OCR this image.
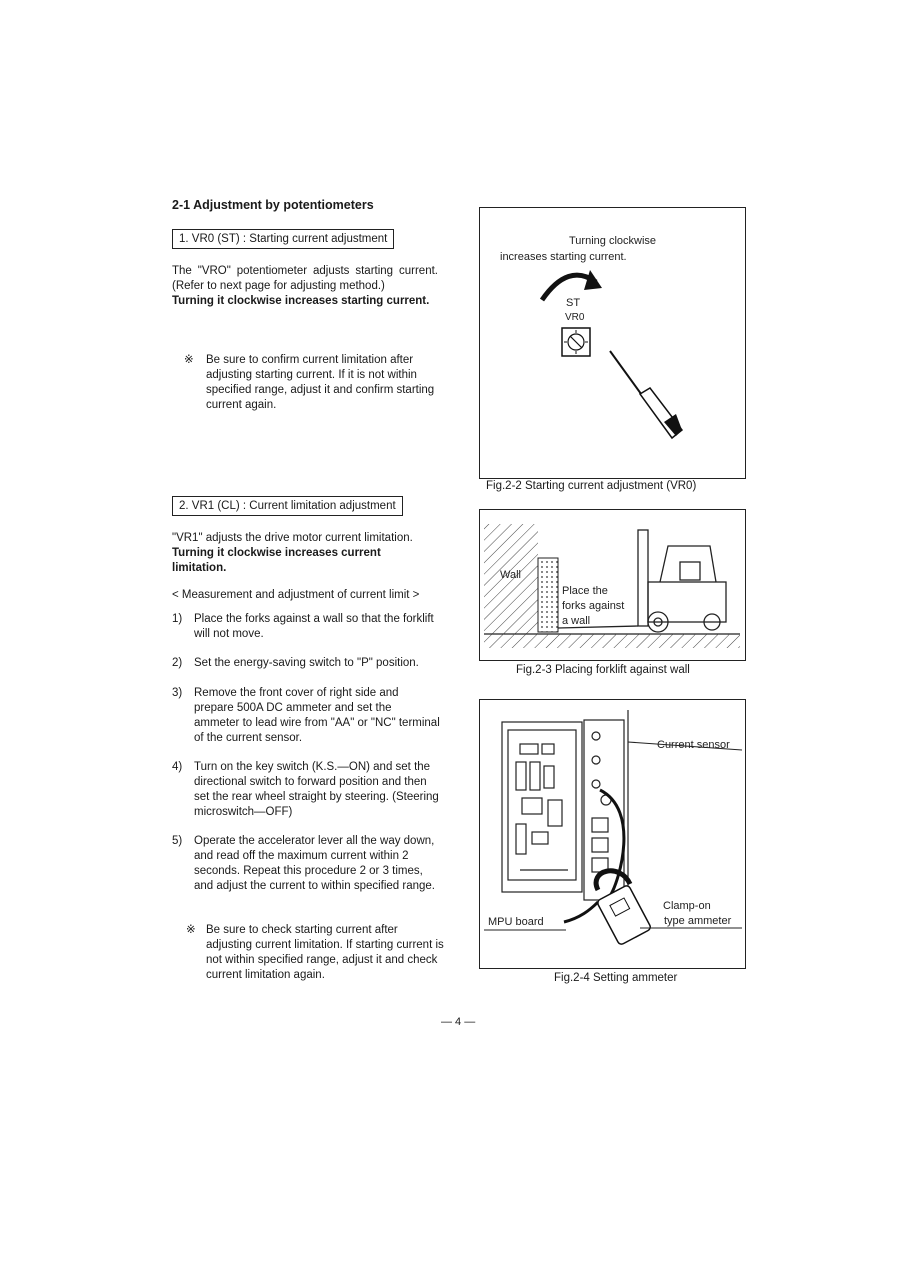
2-1 Adjustment by potentiometers
1. VR0 (ST) : Starting current adjustment
The "VRO" potentiometer adjusts starting current. (Refer to next page for adjusting method.)
Turning it clockwise increases starting current.
※ Be sure to confirm current limitation after adjusting starting current. If it is not within specified range, adjust it and confirm starting current again.
2. VR1 (CL) : Current limitation adjustment
"VR1" adjusts the drive motor current limitation.
Turning it clockwise increases current limitation.
< Measurement and adjustment of current limit >
1) Place the forks against a wall so that the forklift will not move.
2) Set the energy-saving switch to "P" position.
3) Remove the front cover of right side and prepare 500A DC ammeter and set the ammeter to lead wire from "AA" or "NC" terminal of the current sensor.
4) Turn on the key switch (K.S.—ON) and set the directional switch to forward position and then set the rear wheel straight by steering. (Steering microswitch—OFF)
5) Operate the accelerator lever all the way down, and read off the maximum current within 2 seconds. Repeat this procedure 2 or 3 times, and adjust the current to within specified range.
※ Be sure to check starting current after adjusting current limitation. If starting current is not within specified range, adjust it and check current limitation again.
Turning clockwise
increases starting current.
ST
VR0
Fig.2-2 Starting current adjustment (VR0)
Wall
Place the
forks against
a wall
Fig.2-3 Placing forklift against wall
Current sensor
Clamp-on
type ammeter
MPU board
Fig.2-4 Setting ammeter
— 4 —
